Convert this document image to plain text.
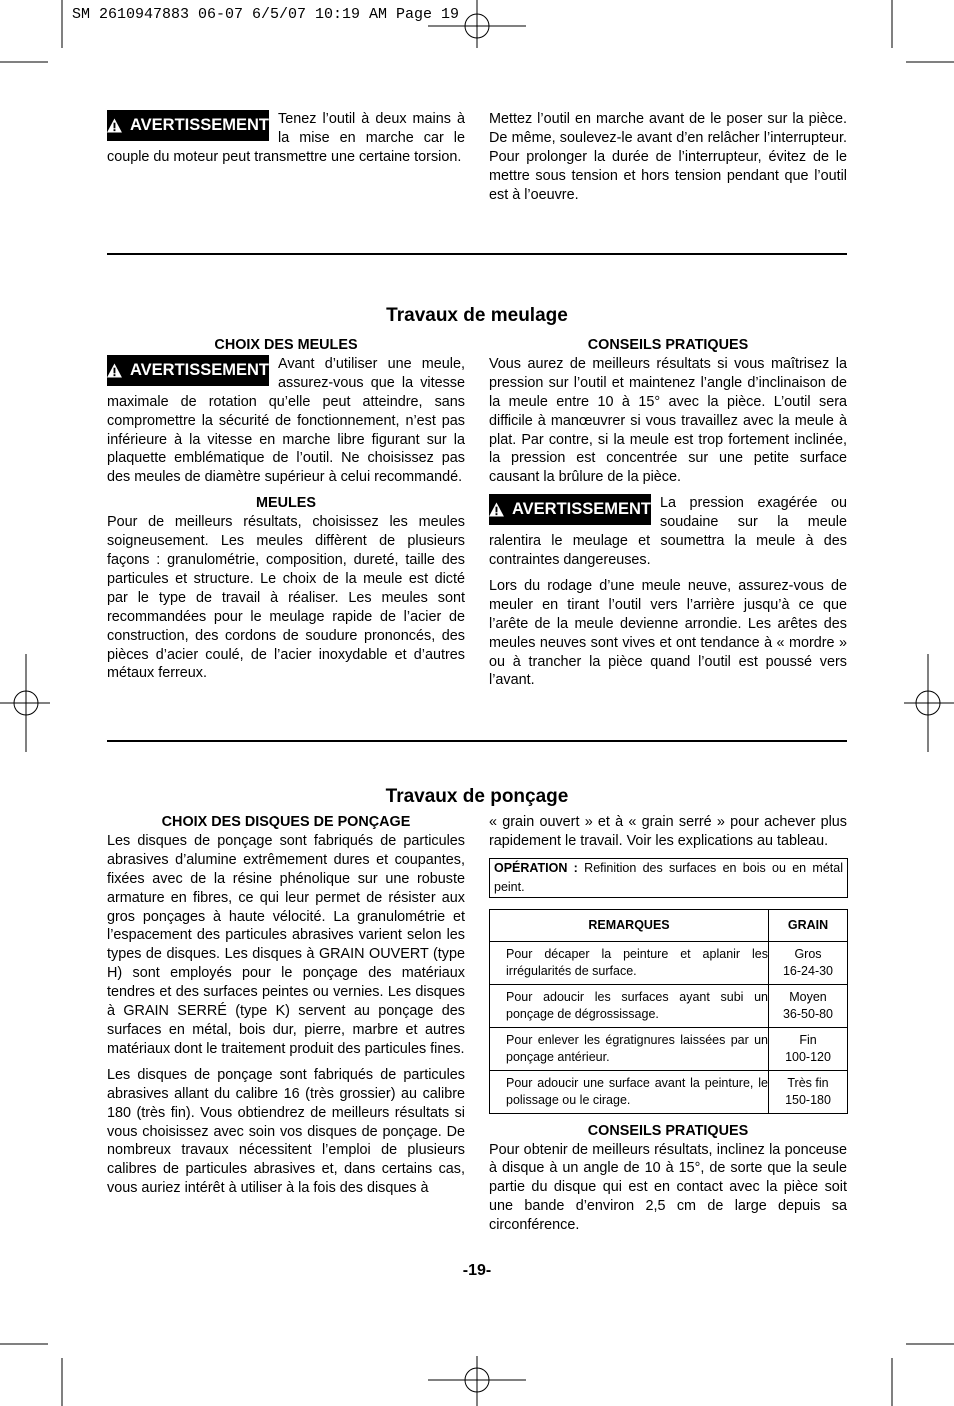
SM 2610947883 06-07 6/5/07 10:19 AM Page 19
AVERTISSEMENT Tenez l’outil à deux mains à la mise en marche car le couple du moteur peut transmettre une certaine torsion.

Mettez l’outil en marche avant de le poser sur la pièce. De même, soulevez-le avant d’en relâcher l’interrupteur. Pour prolonger la durée de l’interrupteur, évitez de le mettre sous tension et hors tension pendant que l’outil est à l’oeuvre.

Travaux de meulage
CHOIX DES MEULES
AVERTISSEMENT Avant d’utiliser une meule, assurez-vous que la vitesse maximale de rotation qu’elle peut atteindre, sans compromettre la sécurité de fonctionnement, n’est pas inférieure à la vitesse en marche libre figurant sur la plaquette emblématique de l’outil. Ne choisissez pas des meules de diamètre supérieur à celui recommandé.

MEULES

Pour de meilleurs résultats, choisissez les meules soigneusement. Les meules diffèrent de plusieurs façons : granulométrie, composition, dureté, taille des particules et structure. Le choix de la meule est dicté par le type de travail à réaliser. Les meules sont recommandées pour le meulage rapide de l’acier de construction, des cordons de soudure prononcés, des pièces d’acier coulé, de l’acier inoxydable et d’autres métaux ferreux.

CONSEILS PRATIQUES

Vous aurez de meilleurs résultats si vous maîtrisez la pression sur l’outil et maintenez l’angle d’inclinaison de la meule entre 10 à 15° avec la pièce. L’outil sera difficile à manœuvrer si vous travaillez avec la meule à plat. Par contre, si la meule est trop fortement inclinée, la pression est concentrée sur une petite surface causant la brûlure de la pièce.

AVERTISSEMENT La pression exagérée ou soudaine sur la meule ralentira le meulage et soumettra la meule à des contraintes dangereuses.

Lors du rodage d’une meule neuve, assurez-vous de meuler en tirant l’outil vers l’arrière jusqu’à ce que l’arête de la meule devienne arrondie. Les arêtes des meules neuves sont vives et ont tendance à « mordre » ou à trancher la pièce quand l’outil est poussé vers l’avant.

Travaux de ponçage
CHOIX DES DISQUES DE PONÇAGE

Les disques de ponçage sont fabriqués de particules abrasives d’alumine extrêmement dures et coupantes, fixées avec de la résine phénolique sur une robuste armature en fibres, ce qui leur permet de résister aux gros ponçages à haute vélocité. La granulométrie et l’espacement des particules abrasives varient selon les types de disques. Les disques à GRAIN OUVERT (type H) sont employés pour le ponçage des matériaux tendres et des surfaces peintes ou vernies. Les disques à GRAIN SERRÉ (type K) servent au ponçage des surfaces en métal, bois dur, pierre, marbre et autres matériaux dont le traitement produit des particules fines.

Les disques de ponçage sont fabriqués de particules abrasives allant du calibre 16 (très grossier) au calibre 180 (très fin). Vous obtiendrez de meilleurs résultats si vous choisissez avec soin vos disques de ponçage. De nombreux travaux nécessitent l’emploi de plusieurs calibres de particules abrasives et, dans certains cas, vous auriez intérêt à utiliser à la fois des disques à

« grain ouvert » et à « grain serré » pour achever plus rapidement le travail. Voir les explications au tableau.

OPÉRATION : Refinition des surfaces en bois ou en métal peint.	

REMARQUES	GRAIN
Pour décaper la peinture et aplanir les irrégularités de surface.	Gros
16-24-30
Pour adoucir les surfaces ayant subi un ponçage de dégrossissage.	Moyen
36-50-80
Pour enlever les égratignures laissées par un ponçage antérieur.	Fin
100-120
Pour adoucir une surface avant la peinture, le polissage ou le cirage.	Très fin
150-180
CONSEILS PRATIQUES

Pour obtenir de meilleurs résultats, inclinez la ponceuse à disque à un angle de 10 à 15°, de sorte que la seule partie du disque qui est en contact avec la pièce soit une bande d’environ 2,5 cm de large depuis sa circonférence.

-19-
